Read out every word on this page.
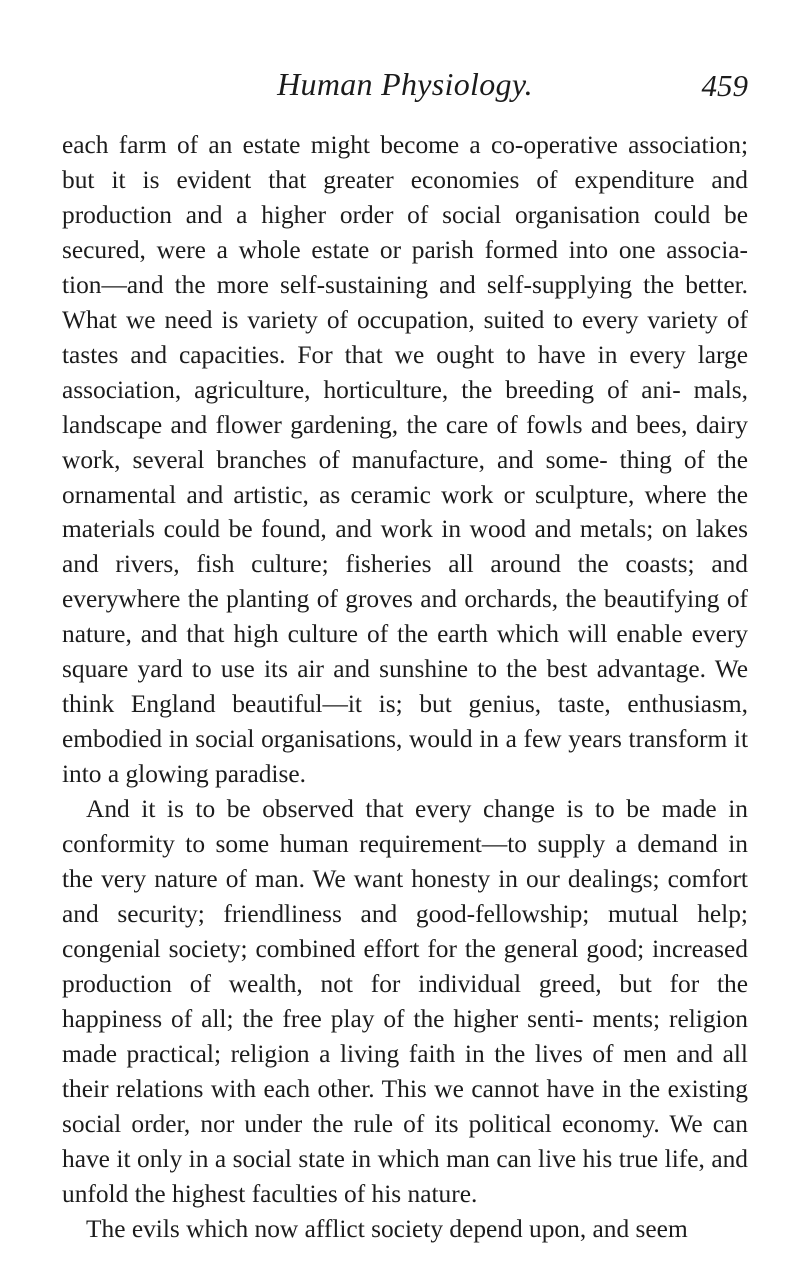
Human Physiology.	459

each farm of an estate might become a co-operative association; but it is evident that greater economies of expenditure and production and a higher order of social organisation could be secured, were a whole estate or parish formed into one associa- tion—and the more self-sustaining and self-supplying the better. What we need is variety of occupation, suited to every variety of tastes and capacities. For that we ought to have in every large association, agriculture, horticulture, the breeding of ani- mals, landscape and flower gardening, the care of fowls and bees, dairy work, several branches of manufacture, and some- thing of the ornamental and artistic, as ceramic work or sculpture, where the materials could be found, and work in wood and metals; on lakes and rivers, fish culture; fisheries all around the coasts; and everywhere the planting of groves and orchards, the beautifying of nature, and that high culture of the earth which will enable every square yard to use its air and sunshine to the best advantage. We think England beautiful—it is; but genius, taste, enthusiasm, embodied in social organisations, would in a few years transform it into a glowing paradise.

And it is to be observed that every change is to be made in conformity to some human requirement—to supply a demand in the very nature of man. We want honesty in our dealings; comfort and security; friendliness and good-fellowship; mutual help; congenial society; combined effort for the general good; increased production of wealth, not for individual greed, but for the happiness of all; the free play of the higher senti- ments; religion made practical; religion a living faith in the lives of men and all their relations with each other. This we cannot have in the existing social order, nor under the rule of its political economy. We can have it only in a social state in which man can live his true life, and unfold the highest faculties of his nature.

The evils which now afflict society depend upon, and seem
